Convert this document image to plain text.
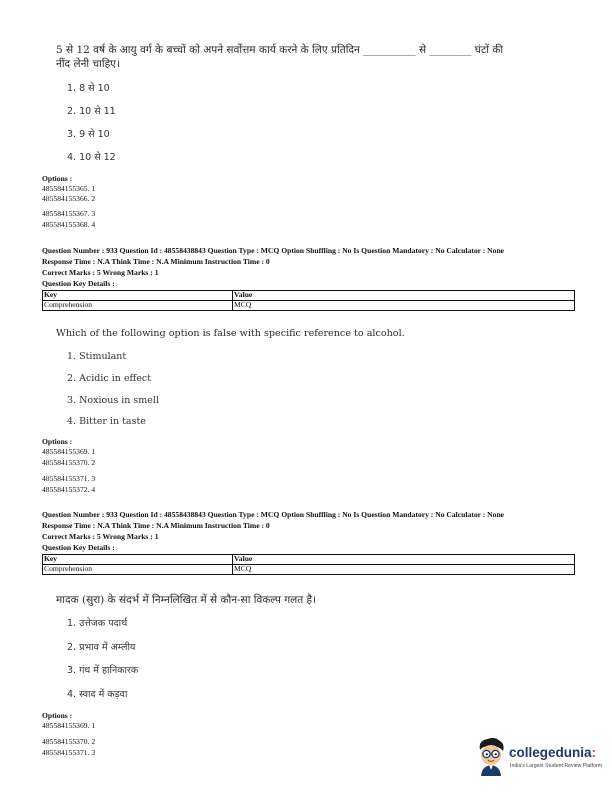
5 से 12 वर्ष के आयु वर्ग के बच्चों को अपने सर्वोत्तम कार्य करने के लिए प्रतिदिन __________ से ________ घंटों की
नींद लेनी चाहिए।
1. 8 से 10
2. 10 से 11
3. 9 से 10
4. 10 से 12
Options :
485584155365. 1
485584155366. 2
485584155367. 3
485584155368. 4
Question Number : 933 Question Id : 48558438843 Question Type : MCQ Option Shuffling : No Is Question Mandatory : No Calculator : None
Response Time : N.A Think Time : N.A Minimum Instruction Time : 0
Correct Marks : 5 Wrong Marks : 1
Question Key Details :
Key	Value
Comprehension	MCQ
Which of the following option is false with specific reference to alcohol.
1. Stimulant
2. Acidic in effect
3. Noxious in smell
4. Bitter in taste
Options :
485584155369. 1
485584155370. 2
485584155371. 3
485584155372. 4
Question Number : 933 Question Id : 48558438843 Question Type : MCQ Option Shuffling : No Is Question Mandatory : No Calculator : None
Response Time : N.A Think Time : N.A Minimum Instruction Time : 0
Correct Marks : 5 Wrong Marks : 1
Question Key Details :
Key	Value
Comprehension	MCQ
मादक (सुरा) के संदर्भ में निम्नलिखित में से कौन-सा विकल्प गलत है।
1. उत्तेजक पदार्थ
2. प्रभाव में अम्लीय
3. गंध में हानिकारक
4. स्वाद में कड़वा
Options :
485584155369. 1
485584155370. 2
485584155371. 3	collegedunia:
India's Largest Student Review Platform
